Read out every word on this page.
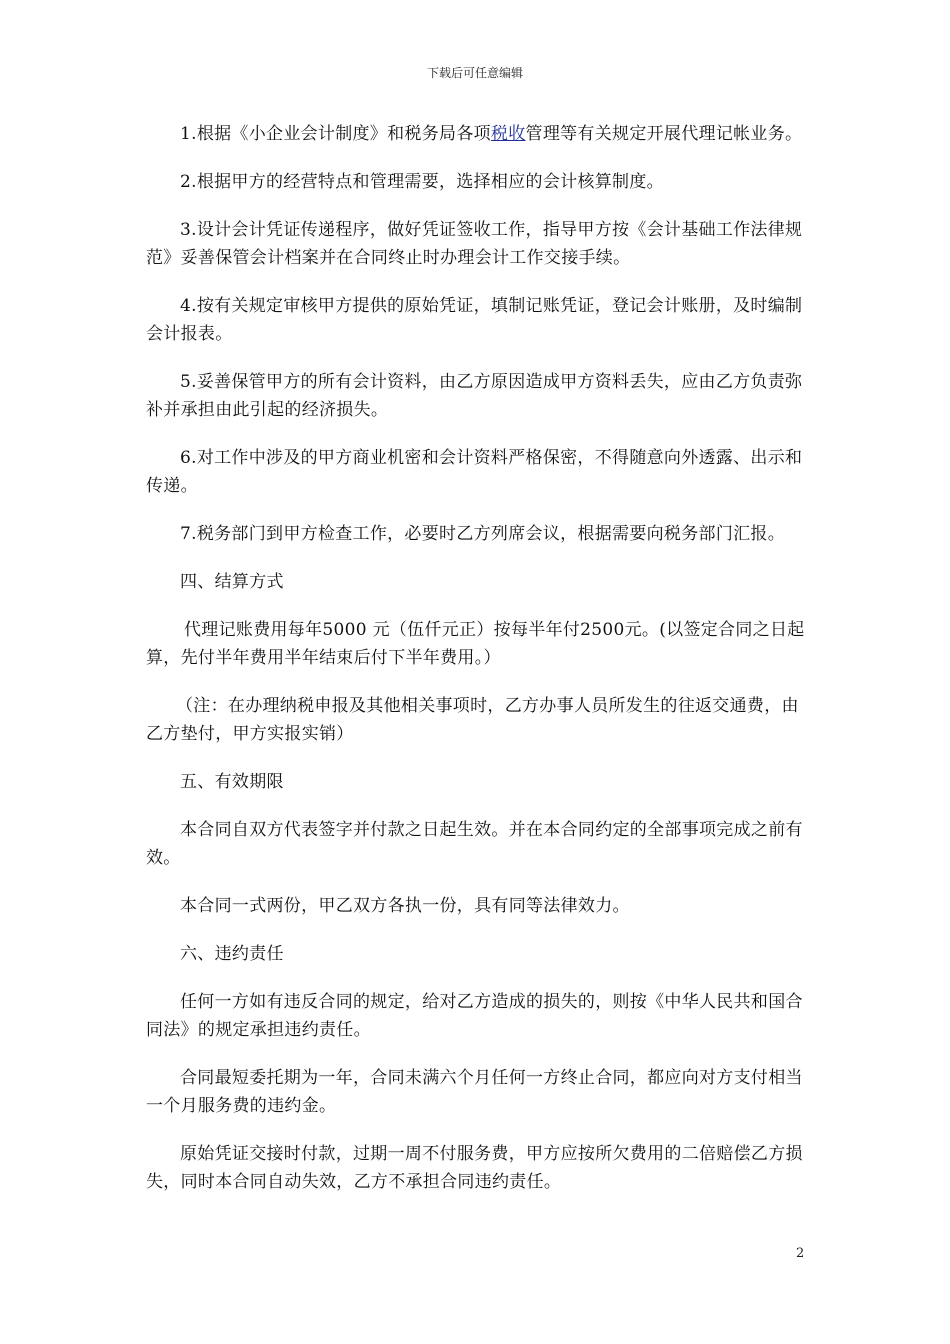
下载后可任意编辑

1.根据《小企业会计制度》和税务局各项税收管理等有关规定开展代理记帐业务。

2.根据甲方的经营特点和管理需要，选择相应的会计核算制度。

3.设计会计凭证传递程序，做好凭证签收工作，指导甲方按《会计基础工作法律规范》妥善保管会计档案并在合同终止时办理会计工作交接手续。

4.按有关规定审核甲方提供的原始凭证，填制记账凭证，登记会计账册，及时编制会计报表。

5.妥善保管甲方的所有会计资料，由乙方原因造成甲方资料丢失，应由乙方负责弥补并承担由此引起的经济损失。

6.对工作中涉及的甲方商业机密和会计资料严格保密，不得随意向外透露、出示和传递。

7.税务部门到甲方检查工作，必要时乙方列席会议，根据需要向税务部门汇报。

四、结算方式

代理记账费用每年5000 元（伍仟元正）按每半年付2500元。(以签定合同之日起算，先付半年费用半年结束后付下半年费用。）

（注：在办理纳税申报及其他相关事项时，乙方办事人员所发生的往返交通费，由乙方垫付，甲方实报实销）

五、有效期限

本合同自双方代表签字并付款之日起生效。并在本合同约定的全部事项完成之前有效。

本合同一式两份，甲乙双方各执一份，具有同等法律效力。

六、违约责任

任何一方如有违反合同的规定，给对乙方造成的损失的，则按《中华人民共和国合同法》的规定承担违约责任。

合同最短委托期为一年，合同未满六个月任何一方终止合同，都应向对方支付相当一个月服务费的违约金。

原始凭证交接时付款，过期一周不付服务费，甲方应按所欠费用的二倍赔偿乙方损失，同时本合同自动失效，乙方不承担合同违约责任。

2
